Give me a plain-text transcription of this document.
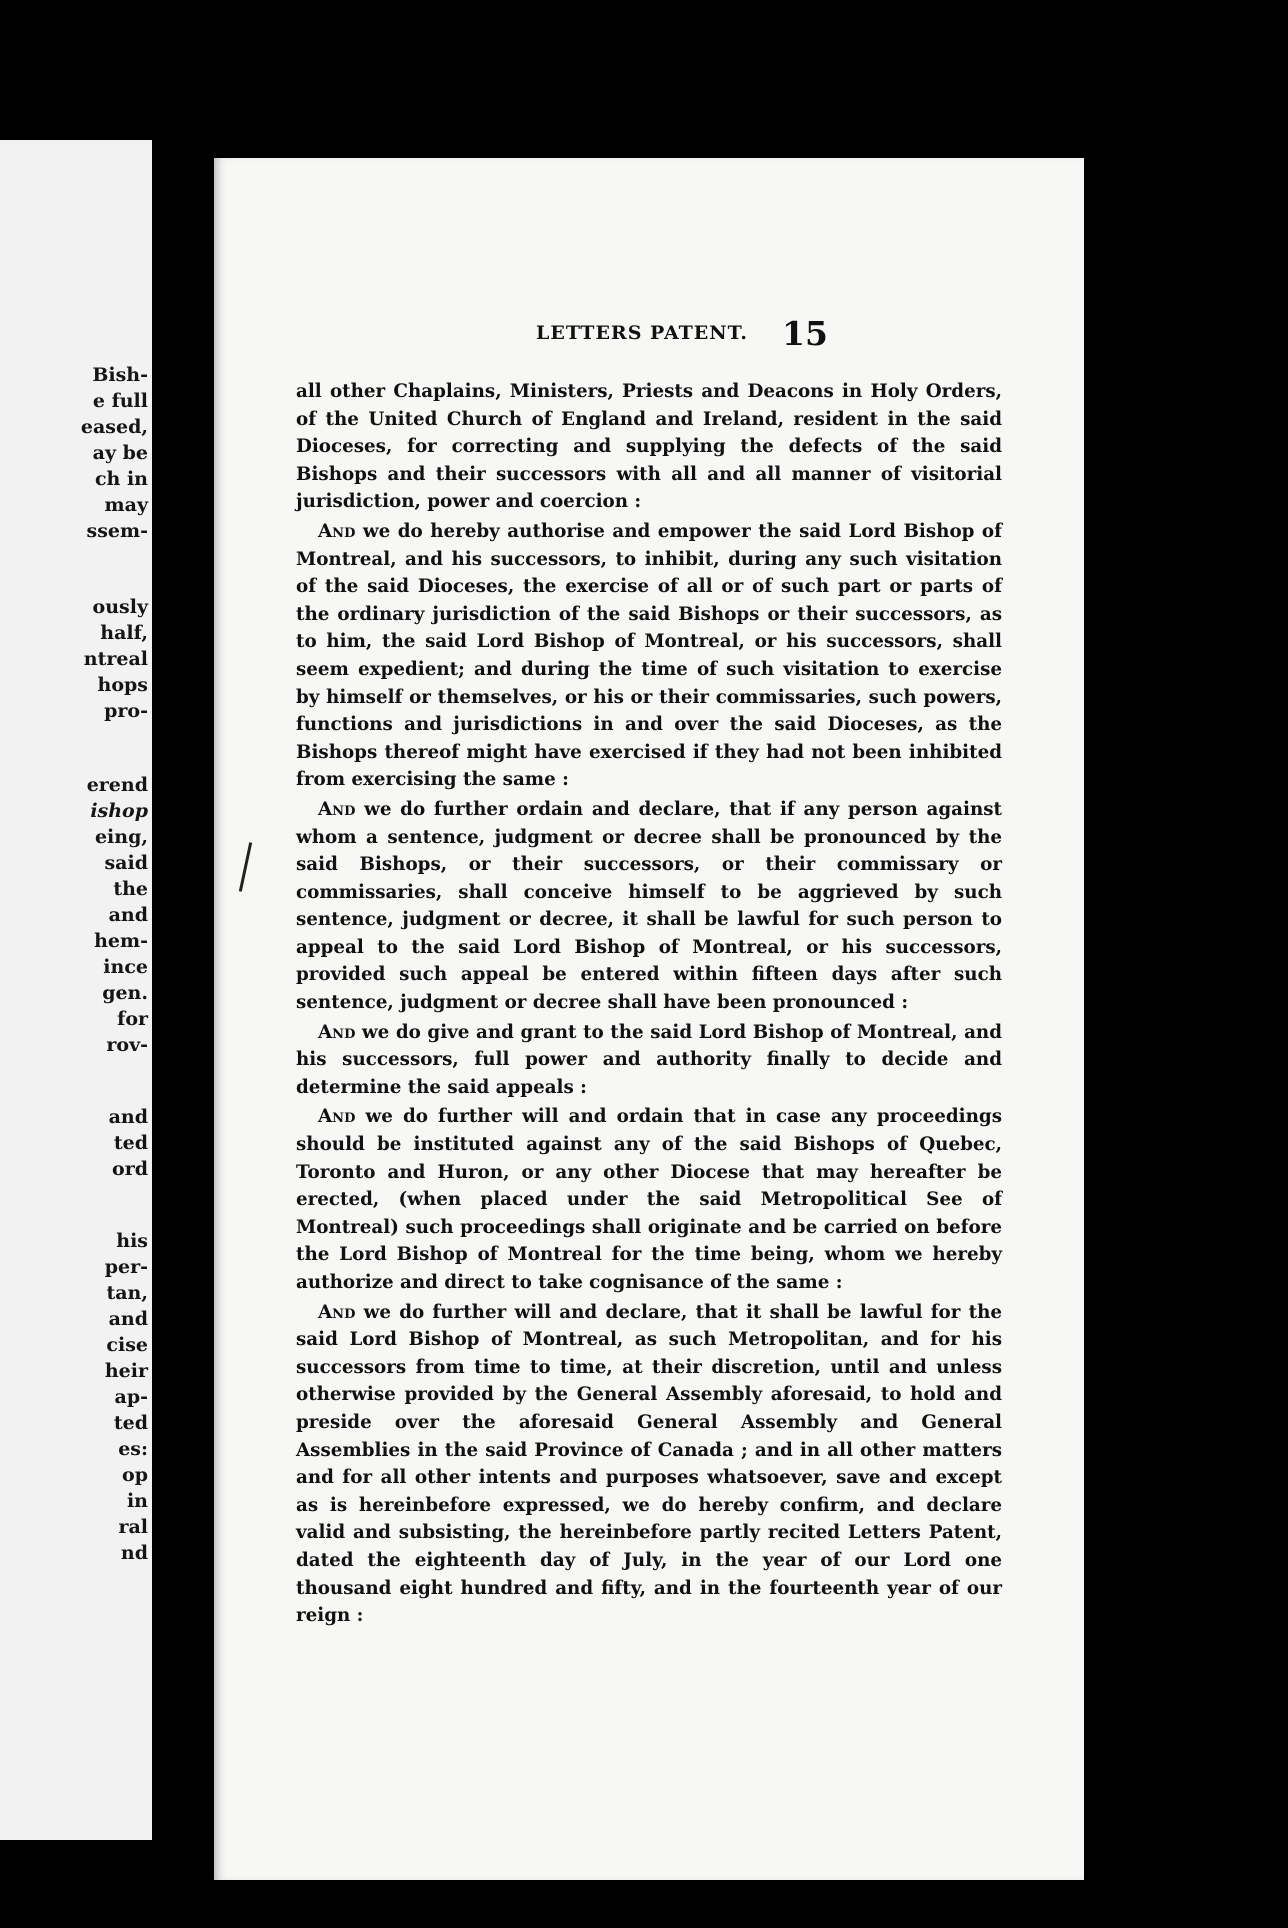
Bish-
e full
eased,
ay be
ch in
may
ssem-
ously
half,
ntreal
hops
pro-
erend
ishop
eing,
said
the
and
hem-
ince
gen.
for
rov-
and
ted
ord
his
per-
tan,
and
cise
heir
ap-
ted
es:
op
in
ral
nd
LETTERS PATENT. 15

all other Chaplains, Ministers, Priests and Deacons in Holy Orders, of the United Church of England and Ireland, resident in the said Dioceses, for correcting and supplying the defects of the said Bishops and their successors with all and all manner of visitorial jurisdiction, power and coercion :

And we do hereby authorise and empower the said Lord Bishop of Montreal, and his successors, to inhibit, during any such visitation of the said Dioceses, the exercise of all or of such part or parts of the ordinary jurisdiction of the said Bishops or their successors, as to him, the said Lord Bishop of Montreal, or his successors, shall seem expedient; and during the time of such visitation to exercise by himself or themselves, or his or their commissaries, such powers, functions and jurisdictions in and over the said Dioceses, as the Bishops thereof might have exercised if they had not been inhibited from exercising the same :

And we do further ordain and declare, that if any person against whom a sentence, judgment or decree shall be pronounced by the said Bishops, or their successors, or their commissary or commissaries, shall conceive himself to be aggrieved by such sentence, judgment or decree, it shall be lawful for such person to appeal to the said Lord Bishop of Montreal, or his successors, provided such appeal be entered within fifteen days after such sentence, judgment or decree shall have been pronounced :

And we do give and grant to the said Lord Bishop of Montreal, and his successors, full power and authority finally to decide and determine the said appeals :

And we do further will and ordain that in case any proceedings should be instituted against any of the said Bishops of Quebec, Toronto and Huron, or any other Diocese that may hereafter be erected, (when placed under the said Metropolitical See of Montreal) such proceedings shall originate and be carried on before the Lord Bishop of Montreal for the time being, whom we hereby authorize and direct to take cognisance of the same :

And we do further will and declare, that it shall be lawful for the said Lord Bishop of Montreal, as such Metropolitan, and for his successors from time to time, at their discretion, until and unless otherwise provided by the General Assembly aforesaid, to hold and preside over the aforesaid General Assembly and General Assemblies in the said Province of Canada ; and in all other matters and for all other intents and purposes whatsoever, save and except as is hereinbefore expressed, we do hereby confirm, and declare valid and subsisting, the hereinbefore partly recited Letters Patent, dated the eighteenth day of July, in the year of our Lord one thousand eight hundred and fifty, and in the fourteenth year of our reign :
